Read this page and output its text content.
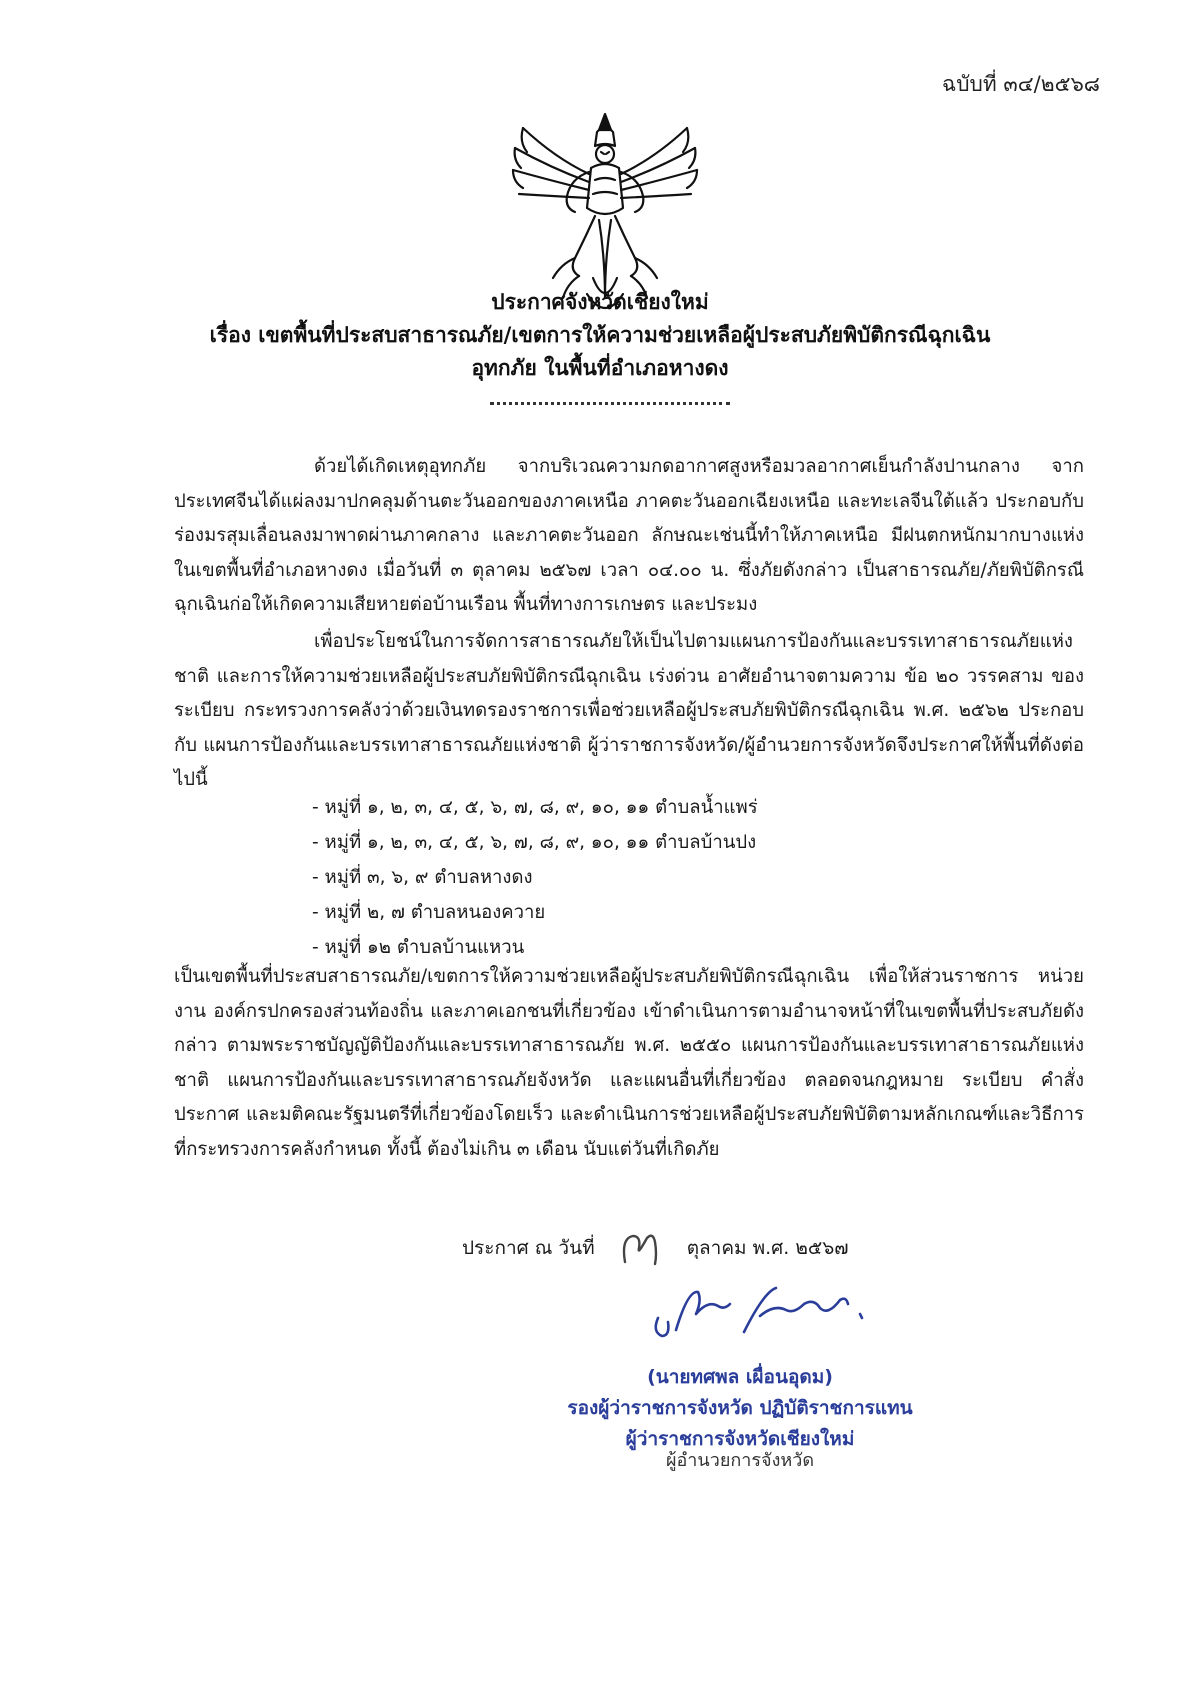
ฉบับที่ ๓๔/๒๕๖๘
ประกาศจังหวัดเชียงใหม่
เรื่อง เขตพื้นที่ประสบสาธารณภัย/เขตการให้ความช่วยเหลือผู้ประสบภัยพิบัติกรณีฉุกเฉิน
อุทกภัย ในพื้นที่อำเภอหางดง
ด้วยได้เกิดเหตุอุทกภัย จากบริเวณความกดอากาศสูงหรือมวลอากาศเย็นกำลังปานกลาง จากประเทศจีนได้แผ่ลงมาปกคลุมด้านตะวันออกของภาคเหนือ ภาคตะวันออกเฉียงเหนือ และทะเลจีนใต้แล้ว ประกอบกับร่องมรสุมเลื่อนลงมาพาดผ่านภาคกลาง และภาคตะวันออก ลักษณะเช่นนี้ทำให้ภาคเหนือ มีฝนตกหนักมากบางแห่ง ในเขตพื้นที่อำเภอหางดง เมื่อวันที่ ๓ ตุลาคม ๒๕๖๗ เวลา ๐๔.๐๐ น. ซึ่งภัยดังกล่าว เป็นสาธารณภัย/ภัยพิบัติกรณีฉุกเฉินก่อให้เกิดความเสียหายต่อบ้านเรือน พื้นที่ทางการเกษตร และประมง
เพื่อประโยชน์ในการจัดการสาธารณภัยให้เป็นไปตามแผนการป้องกันและบรรเทาสาธารณภัยแห่งชาติ และการให้ความช่วยเหลือผู้ประสบภัยพิบัติกรณีฉุกเฉิน เร่งด่วน อาศัยอำนาจตามความ ข้อ ๒๐ วรรคสาม ของระเบียบ กระทรวงการคลังว่าด้วยเงินทดรองราชการเพื่อช่วยเหลือผู้ประสบภัยพิบัติกรณีฉุกเฉิน พ.ศ. ๒๕๖๒ ประกอบกับ แผนการป้องกันและบรรเทาสาธารณภัยแห่งชาติ ผู้ว่าราชการจังหวัด/ผู้อำนวยการจังหวัดจึงประกาศให้พื้นที่ดังต่อไปนี้
- หมู่ที่ ๑, ๒, ๓, ๔, ๕, ๖, ๗, ๘, ๙, ๑๐, ๑๑ ตำบลน้ำแพร่
- หมู่ที่ ๑, ๒, ๓, ๔, ๕, ๖, ๗, ๘, ๙, ๑๐, ๑๑ ตำบลบ้านปง
- หมู่ที่ ๓, ๖, ๙ ตำบลหางดง
- หมู่ที่ ๒, ๗ ตำบลหนองควาย
- หมู่ที่ ๑๒ ตำบลบ้านแหวน
เป็นเขตพื้นที่ประสบสาธารณภัย/เขตการให้ความช่วยเหลือผู้ประสบภัยพิบัติกรณีฉุกเฉิน เพื่อให้ส่วนราชการ หน่วยงาน องค์กรปกครองส่วนท้องถิ่น และภาคเอกชนที่เกี่ยวข้อง เข้าดำเนินการตามอำนาจหน้าที่ในเขตพื้นที่ประสบภัยดังกล่าว ตามพระราชบัญญัติป้องกันและบรรเทาสาธารณภัย พ.ศ. ๒๕๕๐ แผนการป้องกันและบรรเทาสาธารณภัยแห่งชาติ แผนการป้องกันและบรรเทาสาธารณภัยจังหวัด และแผนอื่นที่เกี่ยวข้อง ตลอดจนกฎหมาย ระเบียบ คำสั่ง ประกาศ และมติคณะรัฐมนตรีที่เกี่ยวข้องโดยเร็ว และดำเนินการช่วยเหลือผู้ประสบภัยพิบัติตามหลักเกณฑ์และวิธีการ ที่กระทรวงการคลังกำหนด ทั้งนี้ ต้องไม่เกิน ๓ เดือน นับแต่วันที่เกิดภัย
ประกาศ ณ วันที่	ตุลาคม พ.ศ. ๒๕๖๗
(นายทศพล เผื่อนอุดม)
รองผู้ว่าราชการจังหวัด ปฏิบัติราชการแทน
ผู้ว่าราชการจังหวัดเชียงใหม่
ผู้อำนวยการจังหวัด
